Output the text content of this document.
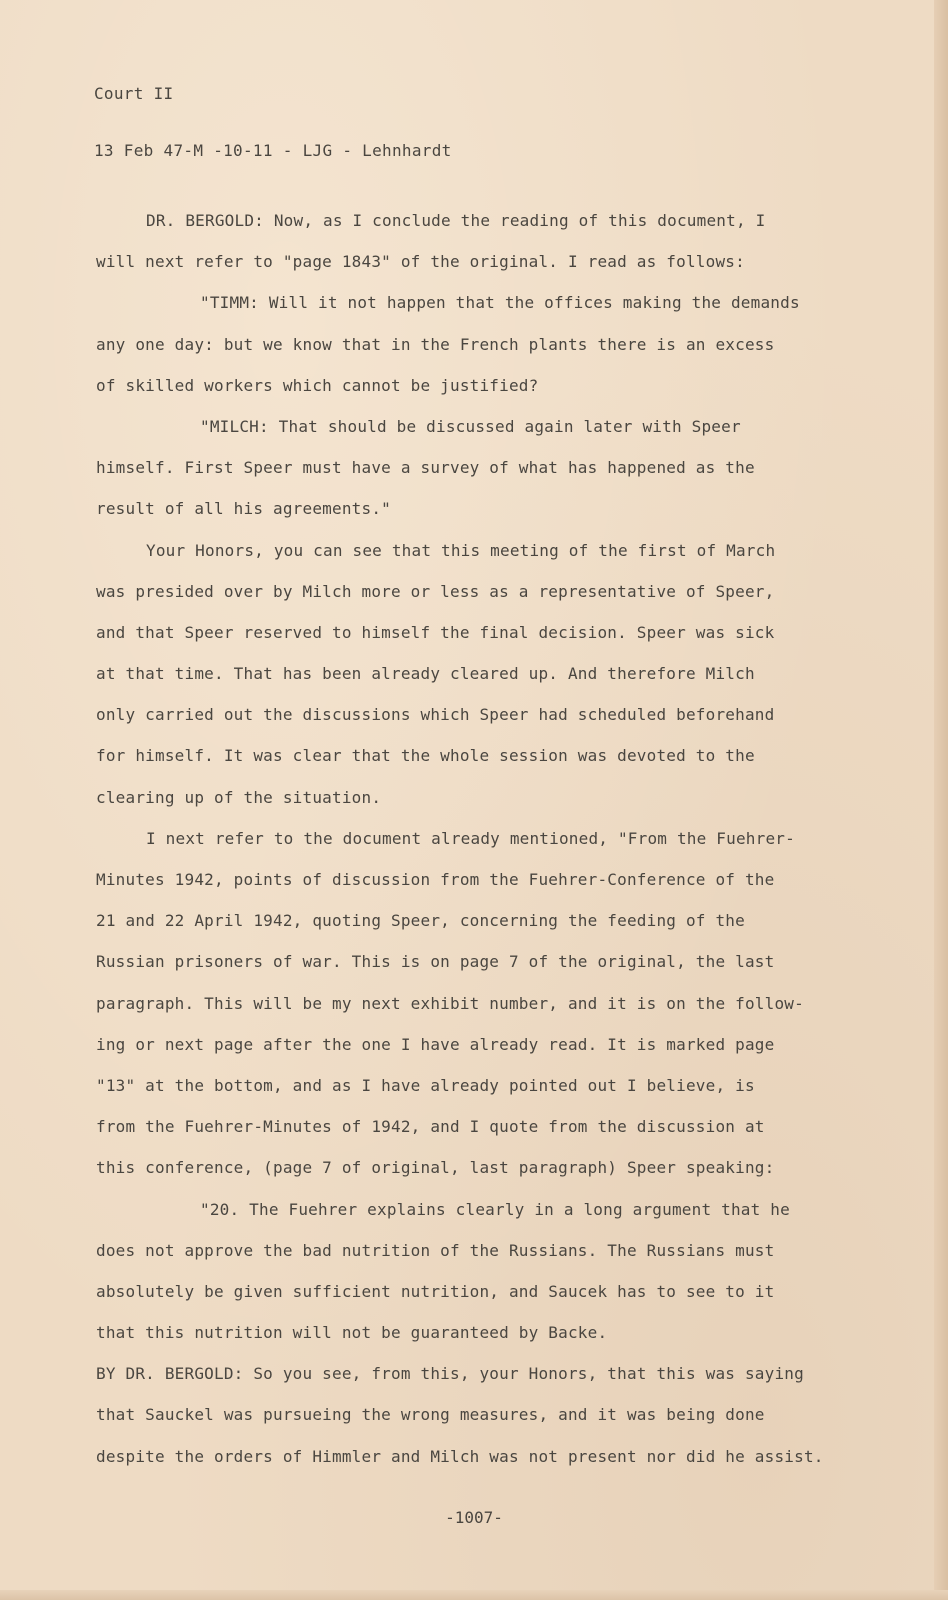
Court II
13 Feb 47-M -10-11 - LJG - Lehnhardt
DR. BERGOLD: Now, as I conclude the reading of this document, I
will next refer to "page 1843" of the original. I read as follows:
"TIMM: Will it not happen that the offices making the demands
any one day: but we know that in the French plants there is an excess
of skilled workers which cannot be justified?
"MILCH: That should be discussed again later with Speer
himself. First Speer must have a survey of what has happened as the
result of all his agreements."
Your Honors, you can see that this meeting of the first of March
was presided over by Milch more or less as a representative of Speer,
and that Speer reserved to himself the final decision. Speer was sick
at that time. That has been already cleared up. And therefore Milch
only carried out the discussions which Speer had scheduled beforehand
for himself. It was clear that the whole session was devoted to the
clearing up of the situation.
I next refer to the document already mentioned, "From the Fuehrer-
Minutes 1942, points of discussion from the Fuehrer-Conference of the
21 and 22 April 1942, quoting Speer, concerning the feeding of the
Russian prisoners of war. This is on page 7 of the original, the last
paragraph. This will be my next exhibit number, and it is on the follow-
ing or next page after the one I have already read. It is marked page
"13" at the bottom, and as I have already pointed out I believe, is
from the Fuehrer-Minutes of 1942, and I quote from the discussion at
this conference, (page 7 of original, last paragraph) Speer speaking:
"20. The Fuehrer explains clearly in a long argument that he
does not approve the bad nutrition of the Russians. The Russians must
absolutely be given sufficient nutrition, and Saucek has to see to it
that this nutrition will not be guaranteed by Backe.
BY DR. BERGOLD: So you see, from this, your Honors, that this was saying
that Sauckel was pursueing the wrong measures, and it was being done
despite the orders of Himmler and Milch was not present nor did he assist.
-1007-
